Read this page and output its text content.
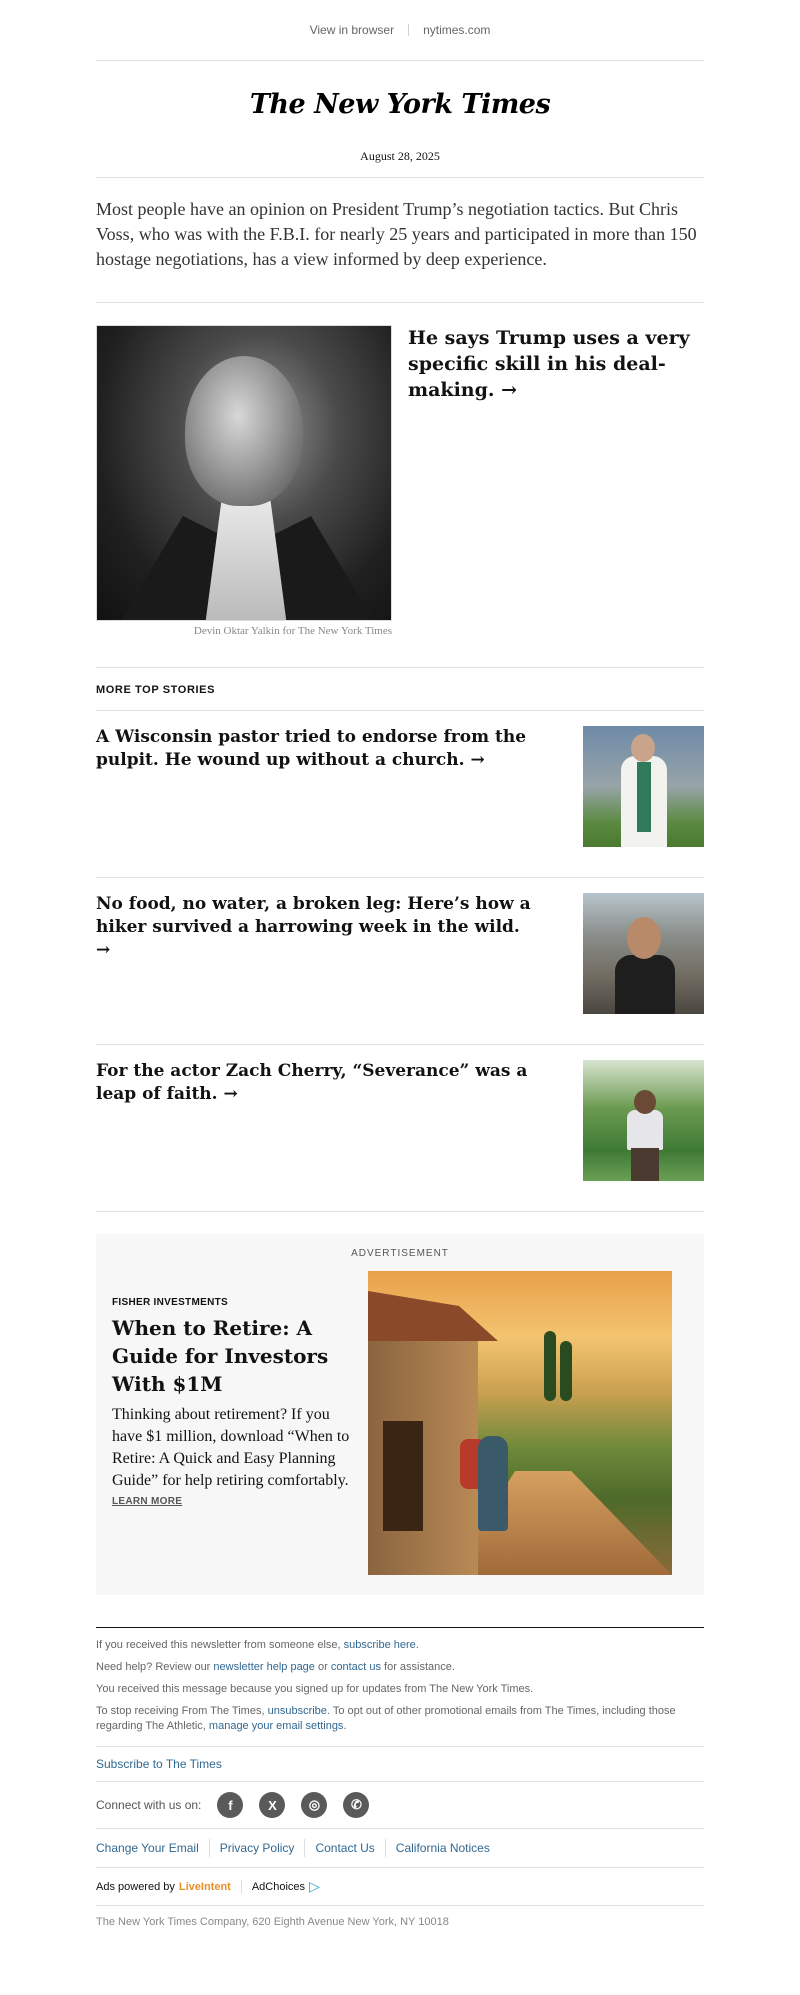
View in browser nytimes.com
The New York Times
August 28, 2025
Most people have an opinion on President Trump’s negotiation tactics. But Chris Voss, who was with the F.B.I. for nearly 25 years and participated in more than 150 hostage negotiations, has a view informed by deep experience.
Devin Oktar Yalkin for The New York Times
He says Trump uses a very specific skill in his deal-making. →
MORE TOP STORIES
A Wisconsin pastor tried to endorse from the pulpit. He wound up without a church. →
No food, no water, a broken leg: Here’s how a hiker survived a harrowing week in the wild. →
For the actor Zach Cherry, “Severance” was a leap of faith. →
ADVERTISEMENT
FISHER INVESTMENTS
When to Retire: A Guide for Investors With $1M
Thinking about retirement? If you have $1 million, download “When to Retire: A Quick and Easy Planning Guide” for help retiring comfortably.
LEARN MORE
If you received this newsletter from someone else, subscribe here.
Need help? Review our newsletter help page or contact us for assistance.
You received this message because you signed up for updates from The New York Times.
To stop receiving From The Times, unsubscribe. To opt out of other promotional emails from The Times, including those regarding The Athletic, manage your email settings.
Subscribe to The Times
Connect with us on:	f	X	◎	✆
Change Your Email Privacy Policy Contact Us California Notices
Ads powered by LiveIntent AdChoices ▷
The New York Times Company, 620 Eighth Avenue New York, NY 10018
